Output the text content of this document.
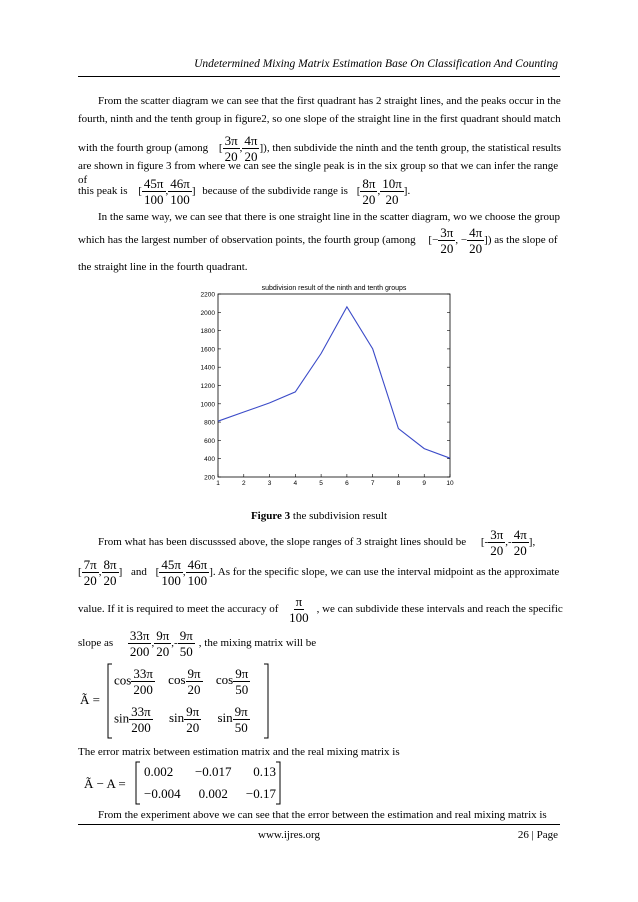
Undetermined Mixing Matrix Estimation Base On Classification And Counting
From the scatter diagram we can see that the first quadrant has 2 straight lines, and the peaks occur in the
fourth, ninth and the tenth group in figure2, so one slope of the straight line in the first quadrant should match
with the fourth group (among [ $\frac{3\pi}{20}$ , $\frac{4\pi}{20}$ ]), then subdivide the ninth and the tenth group, the statistical results
are shown in figure 3 from where we can see the single peak is in the six group so that we can infer the range of
this peak is [ $\frac{45\pi}{100}$ , $\frac{46\pi}{100}$ ] because of the subdivide range is [ $\frac{8\pi}{20}$ , $\frac{10\pi}{20}$ ].
In the same way, we can see that there is one straight line in the scatter diagram, wo we choose the group
which has the largest number of observation points, the fourth group (among [− $\frac{3\pi}{20}$ , − $\frac{4\pi}{20}$ ]) as the slope of
the straight line in the fourth quadrant.
subdivision result of the ninth and tenth groups
200
400
600
800
1000
1200
1400
1600
1800
2000
2200
1	2	3	4	5	6	7	8	9	10
Figure 3 the subdivision result
From what has been discusssed above, the slope ranges of 3 straight lines should be [- $\frac{3\pi}{20}$ ,- $\frac{4\pi}{20}$ ],
[ $\frac{7\pi}{20}$ , $\frac{8\pi}{20}$ ] and [ $\frac{45\pi}{100}$ , $\frac{46\pi}{100}$ ]. As for the specific slope, we can use the interval midpoint as the approximate
value. If it is required to meet the accuracy of $\frac{\pi}{100}$ , we can subdivide these intervals and reach the specific
slope as $\frac{33\pi}{200}$ , $\frac{9\pi}{20}$ ,- $\frac{9\pi}{50}$ , the mixing matrix will be
Ã =
$\cos \frac{33\pi}{200}$ $\cos \frac{9\pi}{20}$ $\cos \frac{9\pi}{50}$
$\sin \frac{33\pi}{200}$ $\sin \frac{9\pi}{20}$ $\sin \frac{9\pi}{50}$
The error matrix between estimation matrix and the real mixing matrix is
Ã − A =
0.002 −0.017 0.13
−0.004 0.002 −0.17
From the experiment above we can see that the error between the estimation and real mixing matrix is
www.ijres.org	26 | Page
